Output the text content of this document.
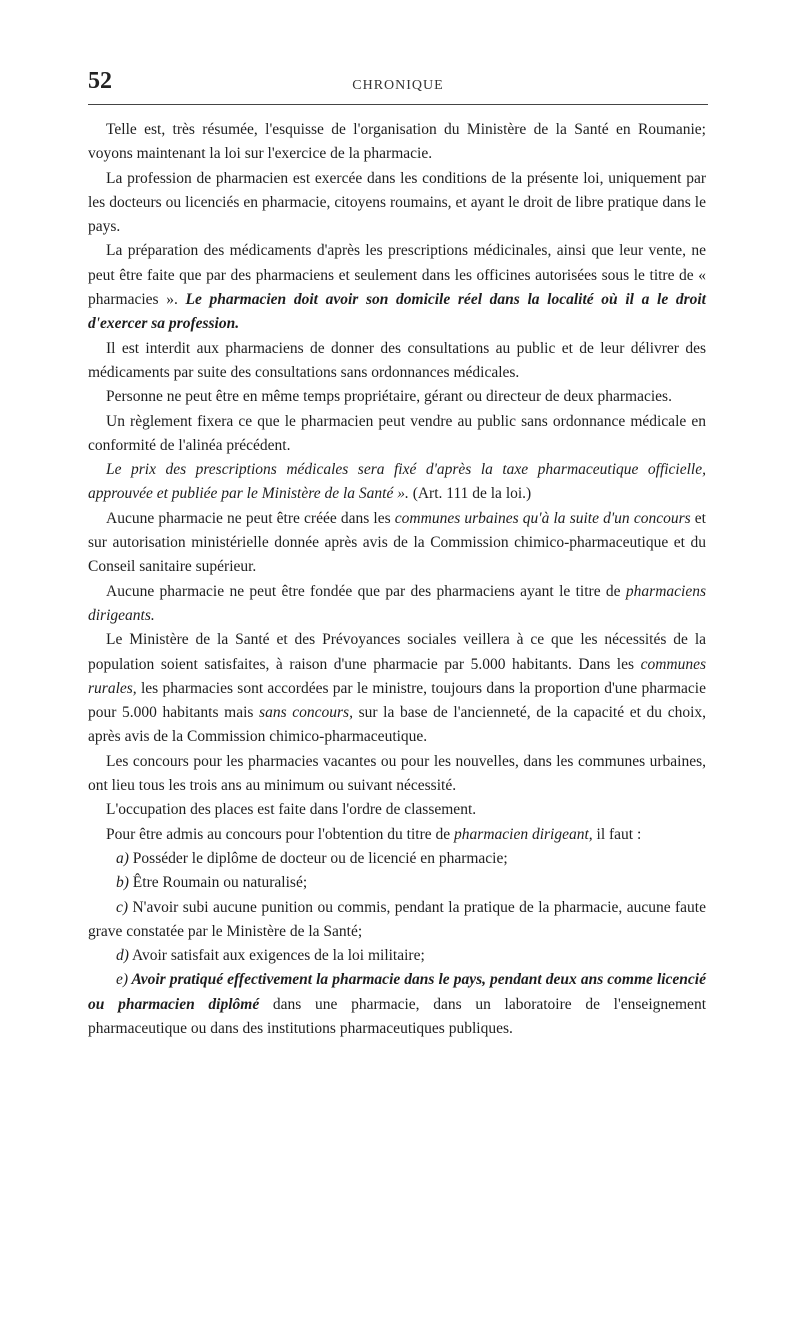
52	CHRONIQUE

Telle est, très résumée, l'esquisse de l'organisation du Ministère de la Santé en Roumanie; voyons maintenant la loi sur l'exercice de la pharmacie.

La profession de pharmacien est exercée dans les conditions de la présente loi, uniquement par les docteurs ou licenciés en pharmacie, citoyens roumains, et ayant le droit de libre pratique dans le pays.

La préparation des médicaments d'après les prescriptions médicinales, ainsi que leur vente, ne peut être faite que par des pharmaciens et seulement dans les officines autorisées sous le titre de « pharmacies ». Le pharmacien doit avoir son domicile réel dans la localité où il a le droit d'exercer sa profession.

Il est interdit aux pharmaciens de donner des consultations au public et de leur délivrer des médicaments par suite des consultations sans ordonnances médicales.

Personne ne peut être en même temps propriétaire, gérant ou directeur de deux pharmacies.

Un règlement fixera ce que le pharmacien peut vendre au public sans ordonnance médicale en conformité de l'alinéa précédent.

Le prix des prescriptions médicales sera fixé d'après la taxe pharmaceutique officielle, approuvée et publiée par le Ministère de la Santé ». (Art. 111 de la loi.)

Aucune pharmacie ne peut être créée dans les communes urbaines qu'à la suite d'un concours et sur autorisation ministérielle donnée après avis de la Commission chimico-pharmaceutique et du Conseil sanitaire supérieur.

Aucune pharmacie ne peut être fondée que par des pharmaciens ayant le titre de pharmaciens dirigeants.

Le Ministère de la Santé et des Prévoyances sociales veillera à ce que les nécessités de la population soient satisfaites, à raison d'une pharmacie par 5.000 habitants. Dans les communes rurales, les pharmacies sont accordées par le ministre, toujours dans la proportion d'une pharmacie pour 5.000 habitants mais sans concours, sur la base de l'ancienneté, de la capacité et du choix, après avis de la Commission chimico-pharmaceutique.

Les concours pour les pharmacies vacantes ou pour les nouvelles, dans les communes urbaines, ont lieu tous les trois ans au minimum ou suivant nécessité.

L'occupation des places est faite dans l'ordre de classement.

Pour être admis au concours pour l'obtention du titre de pharmacien dirigeant, il faut :

a) Posséder le diplôme de docteur ou de licencié en pharmacie;

b) Être Roumain ou naturalisé;

c) N'avoir subi aucune punition ou commis, pendant la pratique de la pharmacie, aucune faute grave constatée par le Ministère de la Santé;

d) Avoir satisfait aux exigences de la loi militaire;

e) Avoir pratiqué effectivement la pharmacie dans le pays, pendant deux ans comme licencié ou pharmacien diplômé dans une pharmacie, dans un laboratoire de l'enseignement pharmaceutique ou dans des institutions pharmaceutiques publiques.
